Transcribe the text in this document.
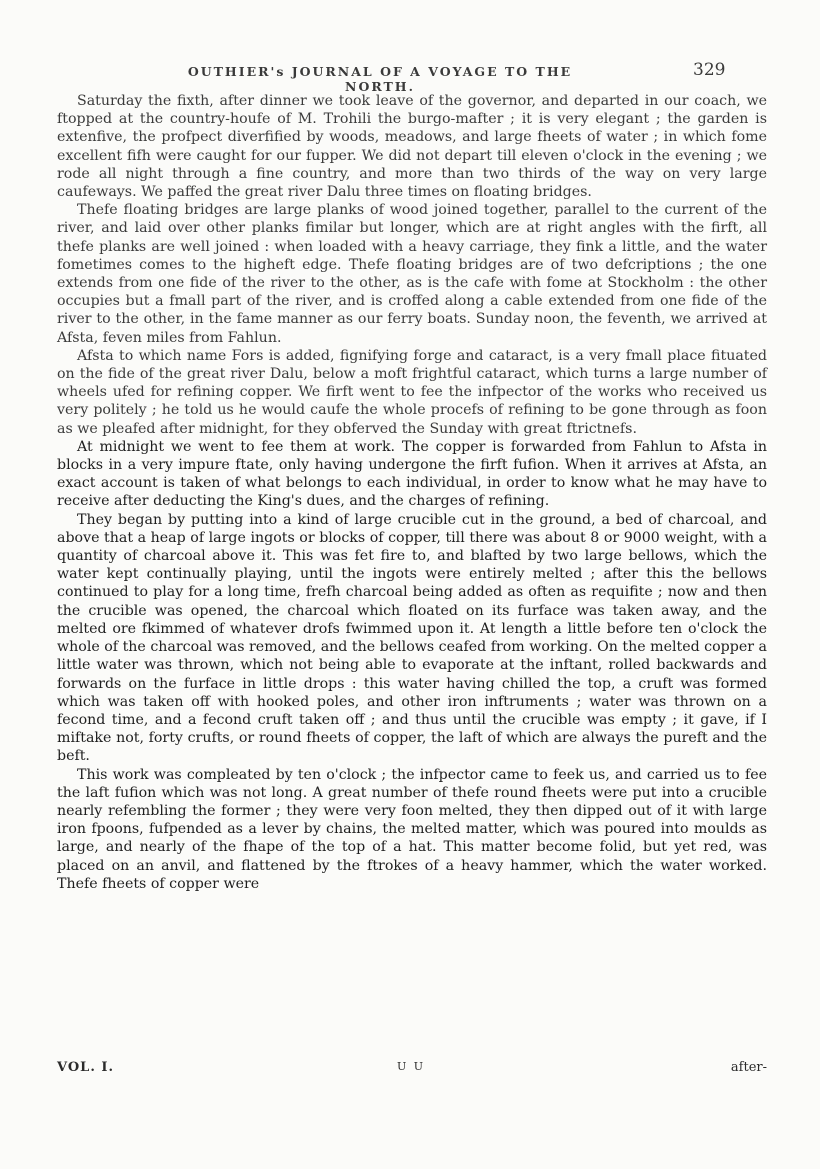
OUTHIER's JOURNAL OF A VOYAGE TO THE NORTH.
329

Saturday the fixth, after dinner we took leave of the governor, and departed in our coach, we ftopped at the country-houfe of M. Trohili the burgo-mafter ; it is very elegant ; the garden is extenfive, the profpect diverfified by woods, meadows, and large fheets of water ; in which fome excellent fifh were caught for our fupper. We did not depart till eleven o'clock in the evening ; we rode all night through a fine country, and more than two thirds of the way on very large caufeways. We paffed the great river Dalu three times on floating bridges.

Thefe floating bridges are large planks of wood joined together, parallel to the current of the river, and laid over other planks fimilar but longer, which are at right angles with the firft, all thefe planks are well joined : when loaded with a heavy carriage, they fink a little, and the water fometimes comes to the higheft edge. Thefe floating bridges are of two defcriptions ; the one extends from one fide of the river to the other, as is the cafe with fome at Stockholm : the other occupies but a fmall part of the river, and is croffed along a cable extended from one fide of the river to the other, in the fame manner as our ferry boats. Sunday noon, the feventh, we arrived at Afsta, feven miles from Fahlun.

Afsta to which name Fors is added, fignifying forge and cataract, is a very fmall place fituated on the fide of the great river Dalu, below a moft frightful cataract, which turns a large number of wheels ufed for refining copper. We firft went to fee the infpector of the works who received us very politely ; he told us he would caufe the whole procefs of refining to be gone through as foon as we pleafed after midnight, for they obferved the Sunday with great ftrictnefs.

At midnight we went to fee them at work. The copper is forwarded from Fahlun to Afsta in blocks in a very impure ftate, only having undergone the firft fufion. When it arrives at Afsta, an exact account is taken of what belongs to each individual, in order to know what he may have to receive after deducting the King's dues, and the charges of refining.

They began by putting into a kind of large crucible cut in the ground, a bed of charcoal, and above that a heap of large ingots or blocks of copper, till there was about 8 or 9000 weight, with a quantity of charcoal above it. This was fet fire to, and blafted by two large bellows, which the water kept continually playing, until the ingots were entirely melted ; after this the bellows continued to play for a long time, frefh charcoal being added as often as requifite ; now and then the crucible was opened, the charcoal which floated on its furface was taken away, and the melted ore fkimmed of whatever drofs fwimmed upon it. At length a little before ten o'clock the whole of the charcoal was removed, and the bellows ceafed from working. On the melted copper a little water was thrown, which not being able to evaporate at the inftant, rolled backwards and forwards on the furface in little drops : this water having chilled the top, a cruft was formed which was taken off with hooked poles, and other iron inftruments ; water was thrown on a fecond time, and a fecond cruft taken off ; and thus until the crucible was empty ; it gave, if I miftake not, forty crufts, or round fheets of copper, the laft of which are always the pureft and the beft.

This work was compleated by ten o'clock ; the infpector came to feek us, and carried us to fee the laft fufion which was not long. A great number of thefe round fheets were put into a crucible nearly refembling the former ; they were very foon melted, they then dipped out of it with large iron fpoons, fufpended as a lever by chains, the melted matter, which was poured into moulds as large, and nearly of the fhape of the top of a hat. This matter become folid, but yet red, was placed on an anvil, and flattened by the ftrokes of a heavy hammer, which the water worked. Thefe fheets of copper were

VOL. I.	U U	after-
